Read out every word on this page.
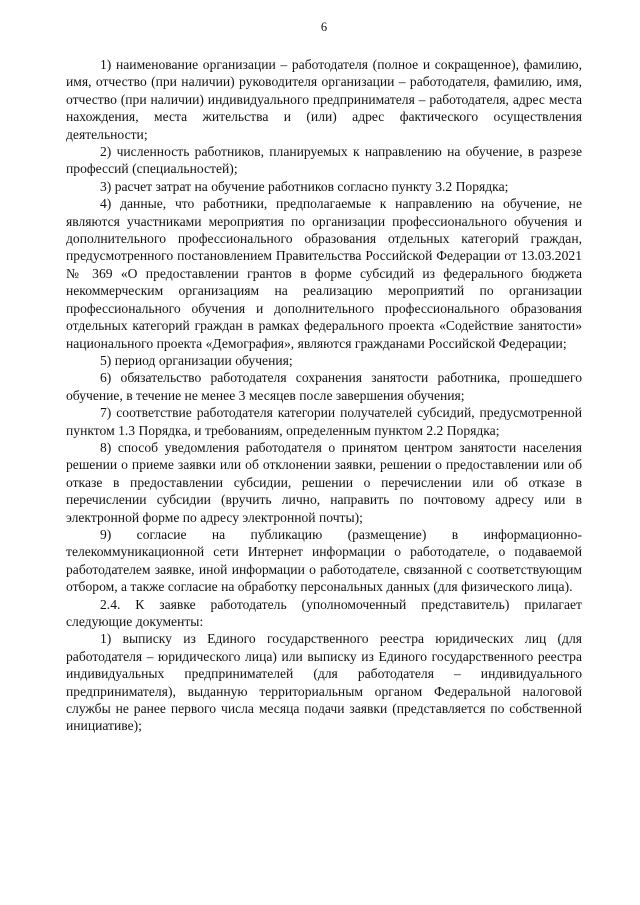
6

1) наименование организации – работодателя (полное и сокращенное), фамилию, имя, отчество (при наличии) руководителя организации – работодателя, фамилию, имя, отчество (при наличии) индивидуального предпринимателя – работодателя, адрес места нахождения, места жительства и (или) адрес фактического осуществления деятельности;

2) численность работников, планируемых к направлению на обучение, в разрезе профессий (специальностей);

3) расчет затрат на обучение работников согласно пункту 3.2 Порядка;

4) данные, что работники, предполагаемые к направлению на обучение, не являются участниками мероприятия по организации профессионального обучения и дополнительного профессионального образования отдельных категорий граждан, предусмотренного постановлением Правительства Российской Федерации от 13.03.2021 № 369 «О предоставлении грантов в форме субсидий из федерального бюджета некоммерческим организациям на реализацию мероприятий по организации профессионального обучения и дополнительного профессионального образования отдельных категорий граждан в рамках федерального проекта «Содействие занятости» национального проекта «Демография», являются гражданами Российской Федерации;

5) период организации обучения;

6) обязательство работодателя сохранения занятости работника, прошедшего обучение, в течение не менее 3 месяцев после завершения обучения;

7) соответствие работодателя категории получателей субсидий, предусмотренной пунктом 1.3 Порядка, и требованиям, определенным пунктом 2.2 Порядка;

8) способ уведомления работодателя о принятом центром занятости населения решении о приеме заявки или об отклонении заявки, решении о предоставлении или об отказе в предоставлении субсидии, решении о перечислении или об отказе в перечислении субсидии (вручить лично, направить по почтовому адресу или в электронной форме по адресу электронной почты);

9) согласие на публикацию (размещение) в информационно-телекоммуникационной сети Интернет информации о работодателе, о подаваемой работодателем заявке, иной информации о работодателе, связанной с соответствующим отбором, а также согласие на обработку персональных данных (для физического лица).

2.4. К заявке работодатель (уполномоченный представитель) прилагает следующие документы:

1) выписку из Единого государственного реестра юридических лиц (для работодателя – юридического лица) или выписку из Единого государственного реестра индивидуальных предпринимателей (для работодателя – индивидуального предпринимателя), выданную территориальным органом Федеральной налоговой службы не ранее первого числа месяца подачи заявки (представляется по собственной инициативе);
